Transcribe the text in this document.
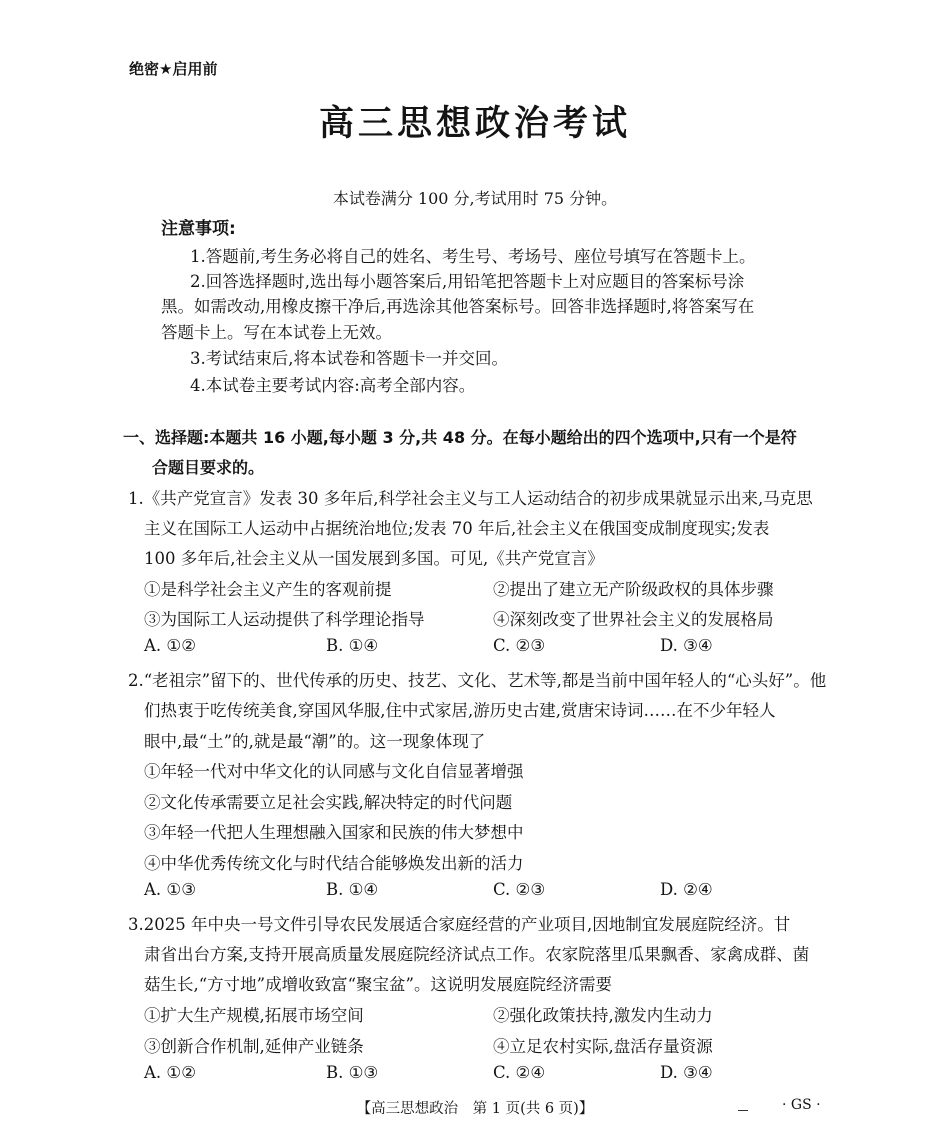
绝密★启用前
高三思想政治考试
本试卷满分 100 分,考试用时 75 分钟。
注意事项:
1.答题前,考生务必将自己的姓名、考生号、考场号、座位号填写在答题卡上。
2.回答选择题时,选出每小题答案后,用铅笔把答题卡上对应题目的答案标号涂
黑。如需改动,用橡皮擦干净后,再选涂其他答案标号。回答非选择题时,将答案写在
答题卡上。写在本试卷上无效。
3.考试结束后,将本试卷和答题卡一并交回。
4.本试卷主要考试内容:高考全部内容。
一、选择题:本题共 16 小题,每小题 3 分,共 48 分。在每小题给出的四个选项中,只有一个是符
合题目要求的。
1.《共产党宣言》发表 30 多年后,科学社会主义与工人运动结合的初步成果就显示出来,马克思
主义在国际工人运动中占据统治地位;发表 70 年后,社会主义在俄国变成制度现实;发表
100 多年后,社会主义从一国发展到多国。可见,《共产党宣言》
①是科学社会主义产生的客观前提	②提出了建立无产阶级政权的具体步骤
③为国际工人运动提供了科学理论指导	④深刻改变了世界社会主义的发展格局
A. ①②	B. ①④	C. ②③	D. ③④
2.“老祖宗”留下的、世代传承的历史、技艺、文化、艺术等,都是当前中国年轻人的“心头好”。他
们热衷于吃传统美食,穿国风华服,住中式家居,游历史古建,赏唐宋诗词……在不少年轻人
眼中,最“土”的,就是最“潮”的。这一现象体现了
①年轻一代对中华文化的认同感与文化自信显著增强
②文化传承需要立足社会实践,解决特定的时代问题
③年轻一代把人生理想融入国家和民族的伟大梦想中
④中华优秀传统文化与时代结合能够焕发出新的活力
A. ①③	B. ①④	C. ②③	D. ②④
3.2025 年中央一号文件引导农民发展适合家庭经营的产业项目,因地制宜发展庭院经济。甘
肃省出台方案,支持开展高质量发展庭院经济试点工作。农家院落里瓜果飘香、家禽成群、菌
菇生长,“方寸地”成增收致富“聚宝盆”。这说明发展庭院经济需要
①扩大生产规模,拓展市场空间	②强化政策扶持,激发内生动力
③创新合作机制,延伸产业链条	④立足农村实际,盘活存量资源
A. ①②	B. ①③	C. ②④	D. ③④
【高三思想政治　第 1 页(共 6 页)】	· GS ·
